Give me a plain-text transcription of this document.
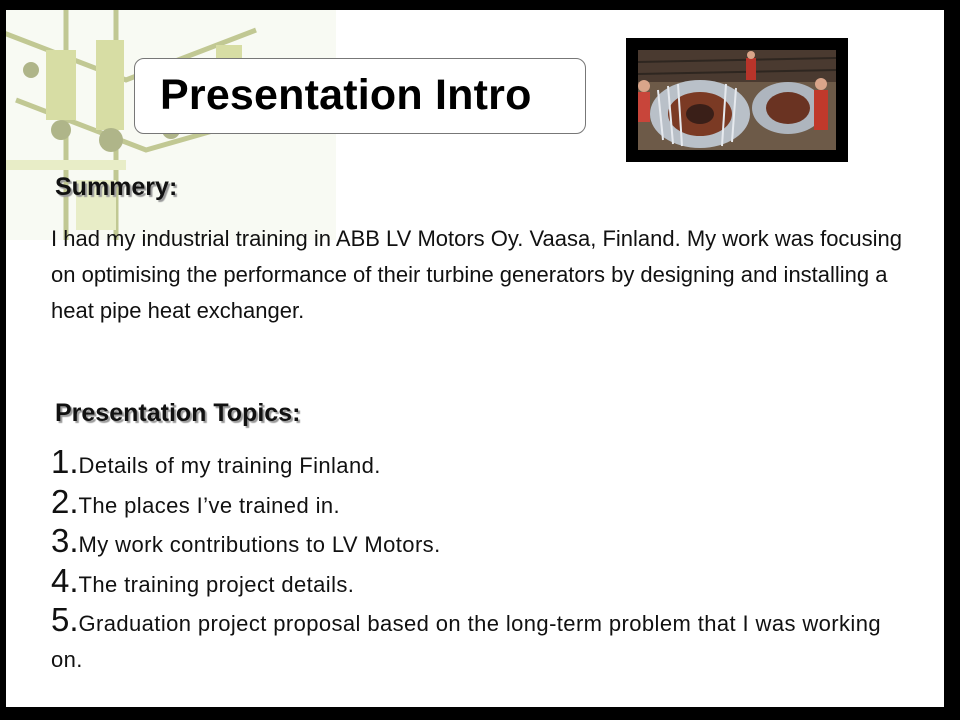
Presentation Intro
Summery:
I had my industrial training in ABB LV Motors Oy. Vaasa, Finland. My work was focusing on optimising the performance of their turbine generators by designing and installing a heat pipe heat exchanger.
Presentation Topics:
1.Details of my training Finland.
2.The places I’ve trained in.
3.My work contributions to LV Motors.
4.The training project details.
5.Graduation project proposal based on the long-term problem that I was working on.
